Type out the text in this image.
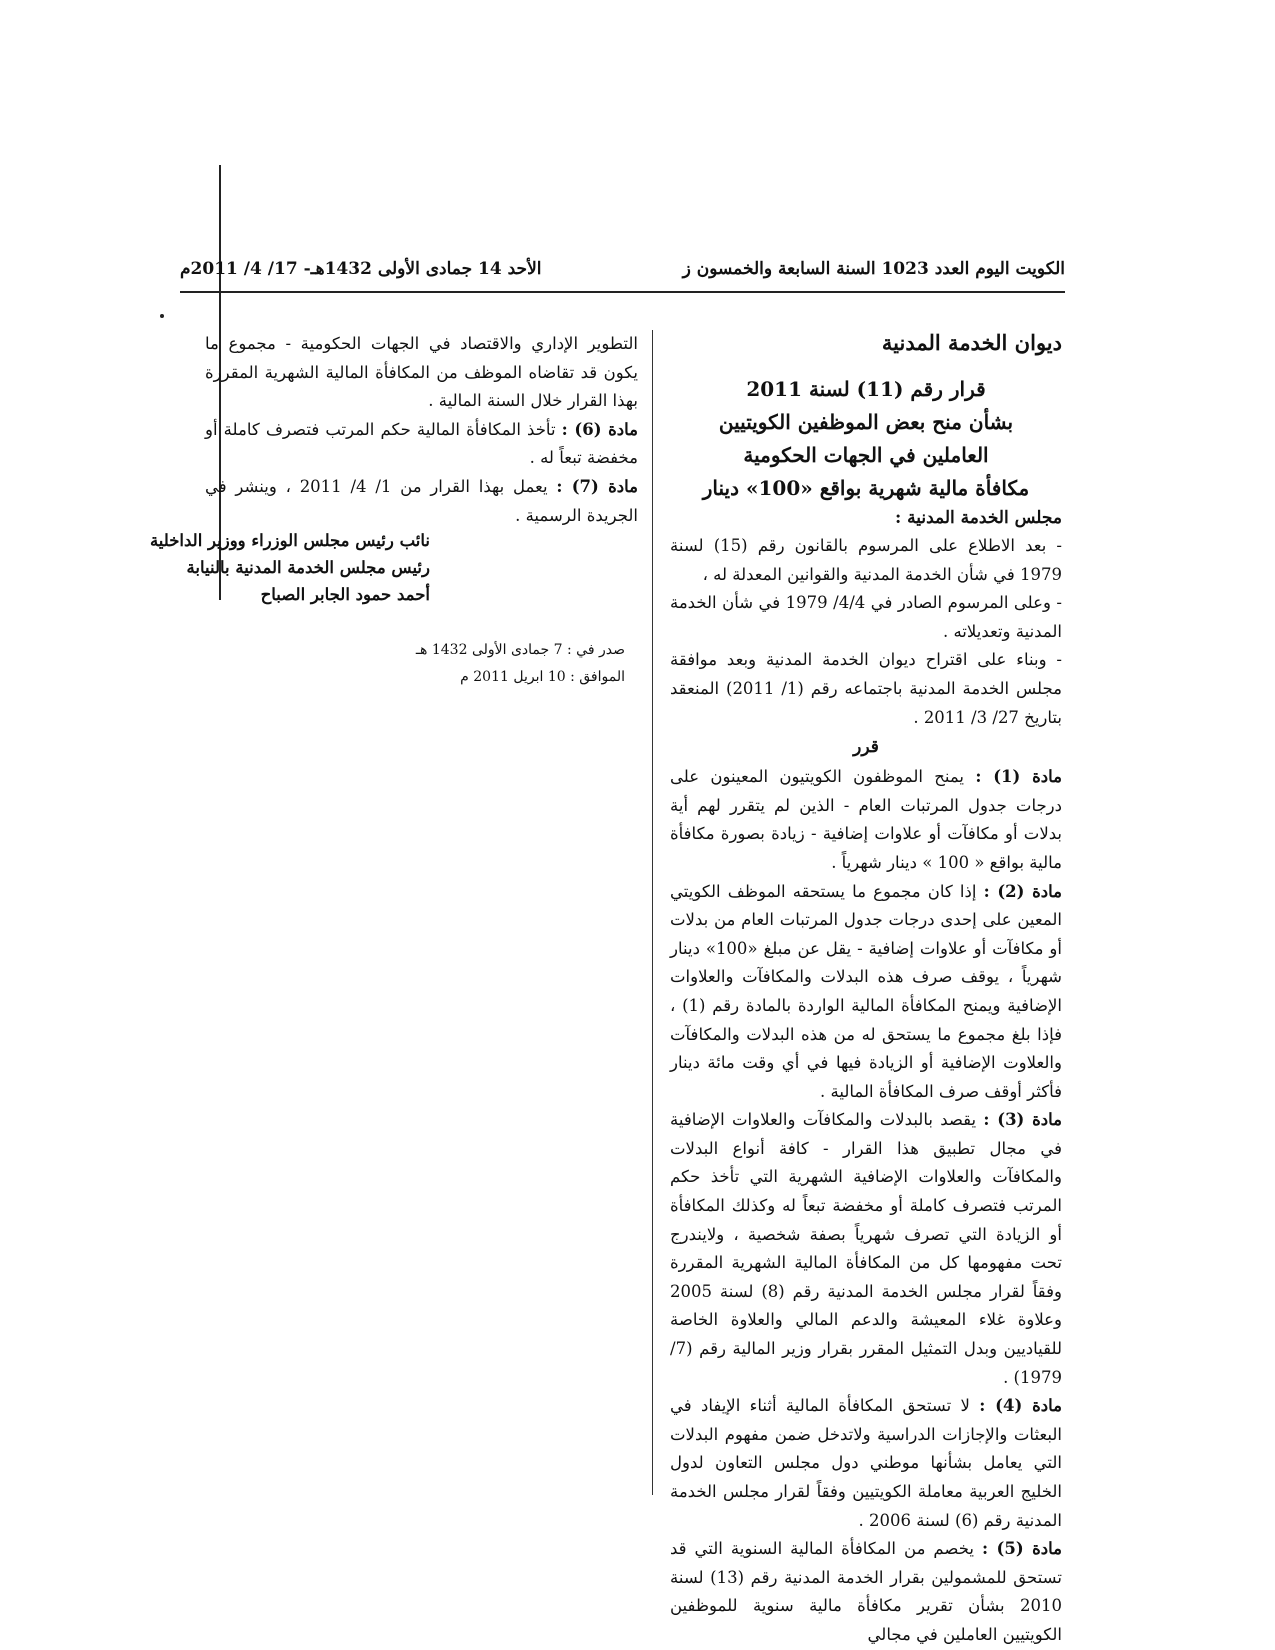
الكويت اليوم العدد 1023 السنة السابعة والخمسون ز
الأحد 14 جمادى الأولى 1432هـ- 17/ 4/ 2011م

ديوان الخدمة المدنية

قرار رقم (11) لسنة 2011

بشأن منح بعض الموظفين الكويتيين

العاملين في الجهات الحكومية

مكافأة مالية شهرية بواقع «100» دينار

مجلس الخدمة المدنية :

- بعد الاطلاع على المرسوم بالقانون رقم (15) لسنة 1979 في شأن الخدمة المدنية والقوانين المعدلة له ،

- وعلى المرسوم الصادر في 4/4/ 1979 في شأن الخدمة المدنية وتعديلاته .

- وبناء على اقتراح ديوان الخدمة المدنية وبعد موافقة مجلس الخدمة المدنية باجتماعه رقم (1/ 2011) المنعقد بتاريخ 27/ 3/ 2011 .

قرر

مادة (1) : يمنح الموظفون الكويتيون المعينون على درجات جدول المرتبات العام - الذين لم يتقرر لهم أية بدلات أو مكافآت أو علاوات إضافية - زيادة بصورة مكافأة مالية بواقع « 100 » دينار شهرياً .

مادة (2) : إذا كان مجموع ما يستحقه الموظف الكويتي المعين على إحدى درجات جدول المرتبات العام من بدلات أو مكافآت أو علاوات إضافية - يقل عن مبلغ «100» دينار شهرياً ، يوقف صرف هذه البدلات والمكافآت والعلاوات الإضافية ويمنح المكافأة المالية الواردة بالمادة رقم (1) ، فإذا بلغ مجموع ما يستحق له من هذه البدلات والمكافآت والعلاوت الإضافية أو الزيادة فيها في أي وقت مائة دينار فأكثر أوقف صرف المكافأة المالية .

مادة (3) : يقصد بالبدلات والمكافآت والعلاوات الإضافية في مجال تطبيق هذا القرار - كافة أنواع البدلات والمكافآت والعلاوات الإضافية الشهرية التي تأخذ حكم المرتب فتصرف كاملة أو مخفضة تبعاً له وكذلك المكافأة أو الزيادة التي تصرف شهرياً بصفة شخصية ، ولايندرج تحت مفهومها كل من المكافأة المالية الشهرية المقررة وفقاً لقرار مجلس الخدمة المدنية رقم (8) لسنة 2005 وعلاوة غلاء المعيشة والدعم المالي والعلاوة الخاصة للقياديين وبدل التمثيل المقرر بقرار وزير المالية رقم (7/ 1979) .

مادة (4) : لا تستحق المكافأة المالية أثناء الإيفاد في البعثات والإجازات الدراسية ولاتدخل ضمن مفهوم البدلات التي يعامل بشأنها موطني دول مجلس التعاون لدول الخليج العربية معاملة الكويتيين وفقاً لقرار مجلس الخدمة المدنية رقم (6) لسنة 2006 .

مادة (5) : يخصم من المكافأة المالية السنوية التي قد تستحق للمشمولين بقرار الخدمة المدنية رقم (13) لسنة 2010 بشأن تقرير مكافأة مالية سنوية للموظفين الكويتيين العاملين في مجالي

التطوير الإداري والاقتصاد في الجهات الحكومية - مجموع ما يكون قد تقاضاه الموظف من المكافأة المالية الشهرية المقررة بهذا القرار خلال السنة المالية .

مادة (6) : تأخذ المكافأة المالية حكم المرتب فتصرف كاملة أو مخفضة تبعاً له .

مادة (7) : يعمل بهذا القرار من 1/ 4/ 2011 ، وينشر في الجريدة الرسمية .

نائب رئيس مجلس الوزراء ووزير الداخلية

رئيس مجلس الخدمة المدنية بالنيابة

أحمد حمود الجابر الصباح

صدر في : 7 جمادى الأولى 1432 هـ

الموافق : 10 ابريل 2011 م
